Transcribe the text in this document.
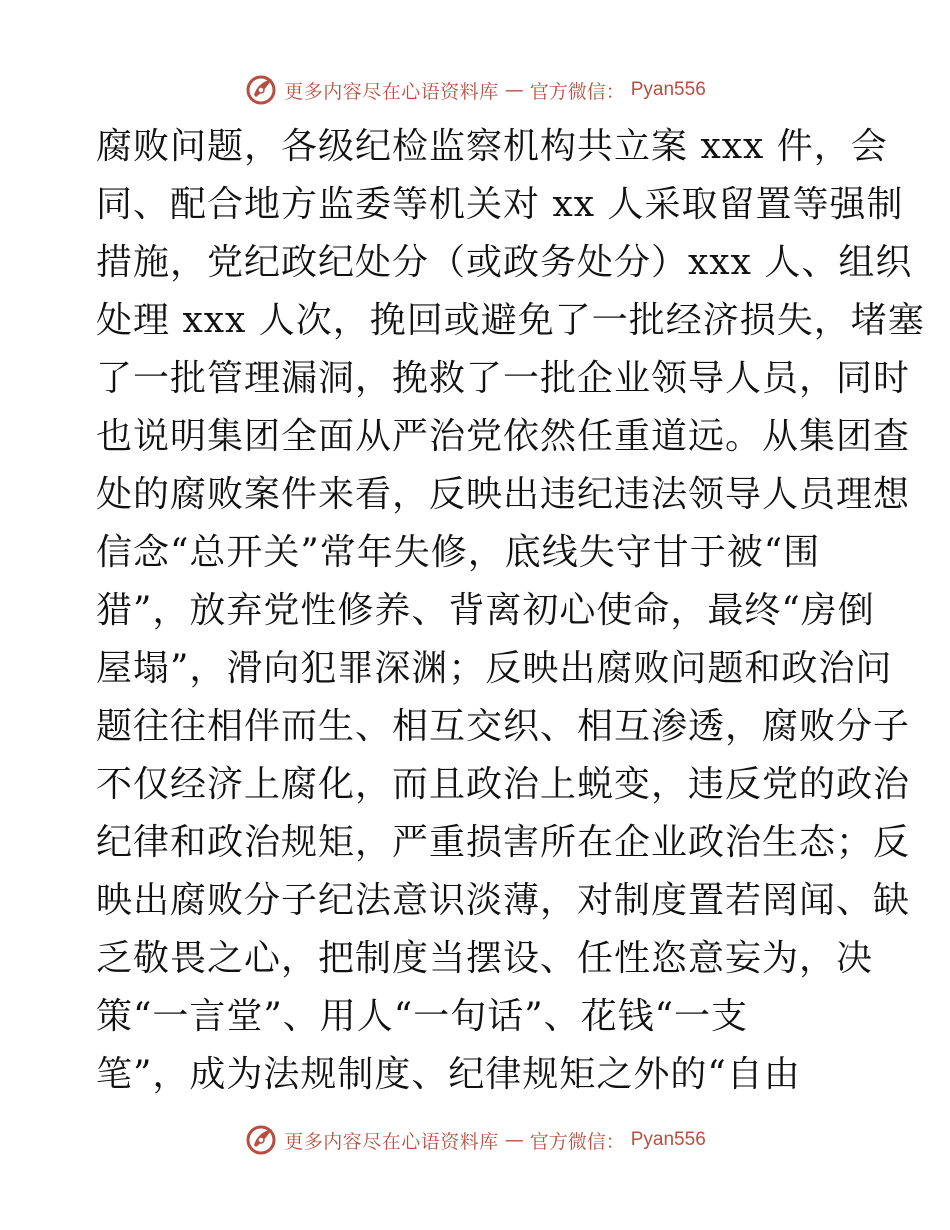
更多内容尽在心语资料库 — 官方微信： Pyan556
腐败问题，各级纪检监察机构共立案 xxx 件，会
同、配合地方监委等机关对 xx 人采取留置等强制
措施，党纪政纪处分（或政务处分）xxx 人、组织
处理 xxx 人次，挽回或避免了一批经济损失，堵塞
了一批管理漏洞，挽救了一批企业领导人员，同时
也说明集团全面从严治党依然任重道远。从集团查
处的腐败案件来看，反映出违纪违法领导人员理想
信念“总开关”常年失修，底线失守甘于被“围
猎”，放弃党性修养、背离初心使命，最终“房倒
屋塌”，滑向犯罪深渊；反映出腐败问题和政治问
题往往相伴而生、相互交织、相互渗透，腐败分子
不仅经济上腐化，而且政治上蜕变，违反党的政治
纪律和政治规矩，严重损害所在企业政治生态；反
映出腐败分子纪法意识淡薄，对制度置若罔闻、缺
乏敬畏之心，把制度当摆设、任性恣意妄为，决
策“一言堂”、用人“一句话”、花钱“一支
笔”，成为法规制度、纪律规矩之外的“自由
更多内容尽在心语资料库 — 官方微信： Pyan556
